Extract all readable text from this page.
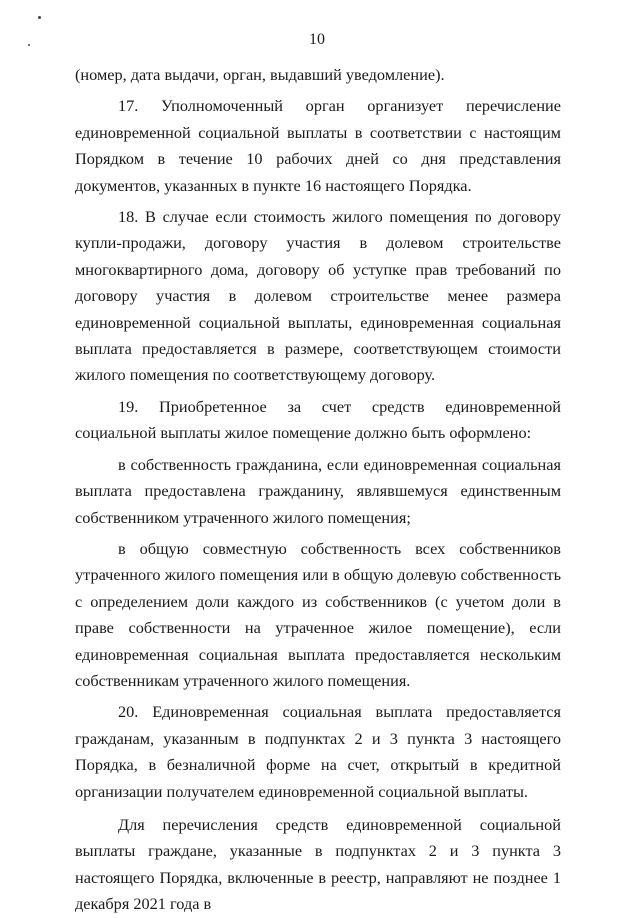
10

(номер, дата выдачи, орган, выдавший уведомление).

17. Уполномоченный орган организует перечисление единовременной социальной выплаты в соответствии с настоящим Порядком в течение 10 рабочих дней со дня представления документов, указанных в пункте 16 настоящего Порядка.

18. В случае если стоимость жилого помещения по договору купли-продажи, договору участия в долевом строительстве многоквартирного дома, договору об уступке прав требований по договору участия в долевом строительстве менее размера единовременной социальной выплаты, единовременная социальная выплата предоставляется в размере, соответствующем стоимости жилого помещения по соответствующему договору.

19. Приобретенное за счет средств единовременной социальной выплаты жилое помещение должно быть оформлено:

в собственность гражданина, если единовременная социальная выплата предоставлена гражданину, являвшемуся единственным собственником утраченного жилого помещения;

в общую совместную собственность всех собственников утраченного жилого помещения или в общую долевую собственность с определением доли каждого из собственников (с учетом доли в праве собственности на утраченное жилое помещение), если единовременная социальная выплата предоставляется нескольким собственникам утраченного жилого помещения.

20. Единовременная социальная выплата предоставляется гражданам, указанным в подпунктах 2 и 3 пункта 3 настоящего Порядка, в безналичной форме на счет, открытый в кредитной организации получателем единовременной социальной выплаты.

Для перечисления средств единовременной социальной выплаты граждане, указанные в подпунктах 2 и 3 пункта 3 настоящего Порядка, включенные в реестр, направляют не позднее 1 декабря 2021 года в
